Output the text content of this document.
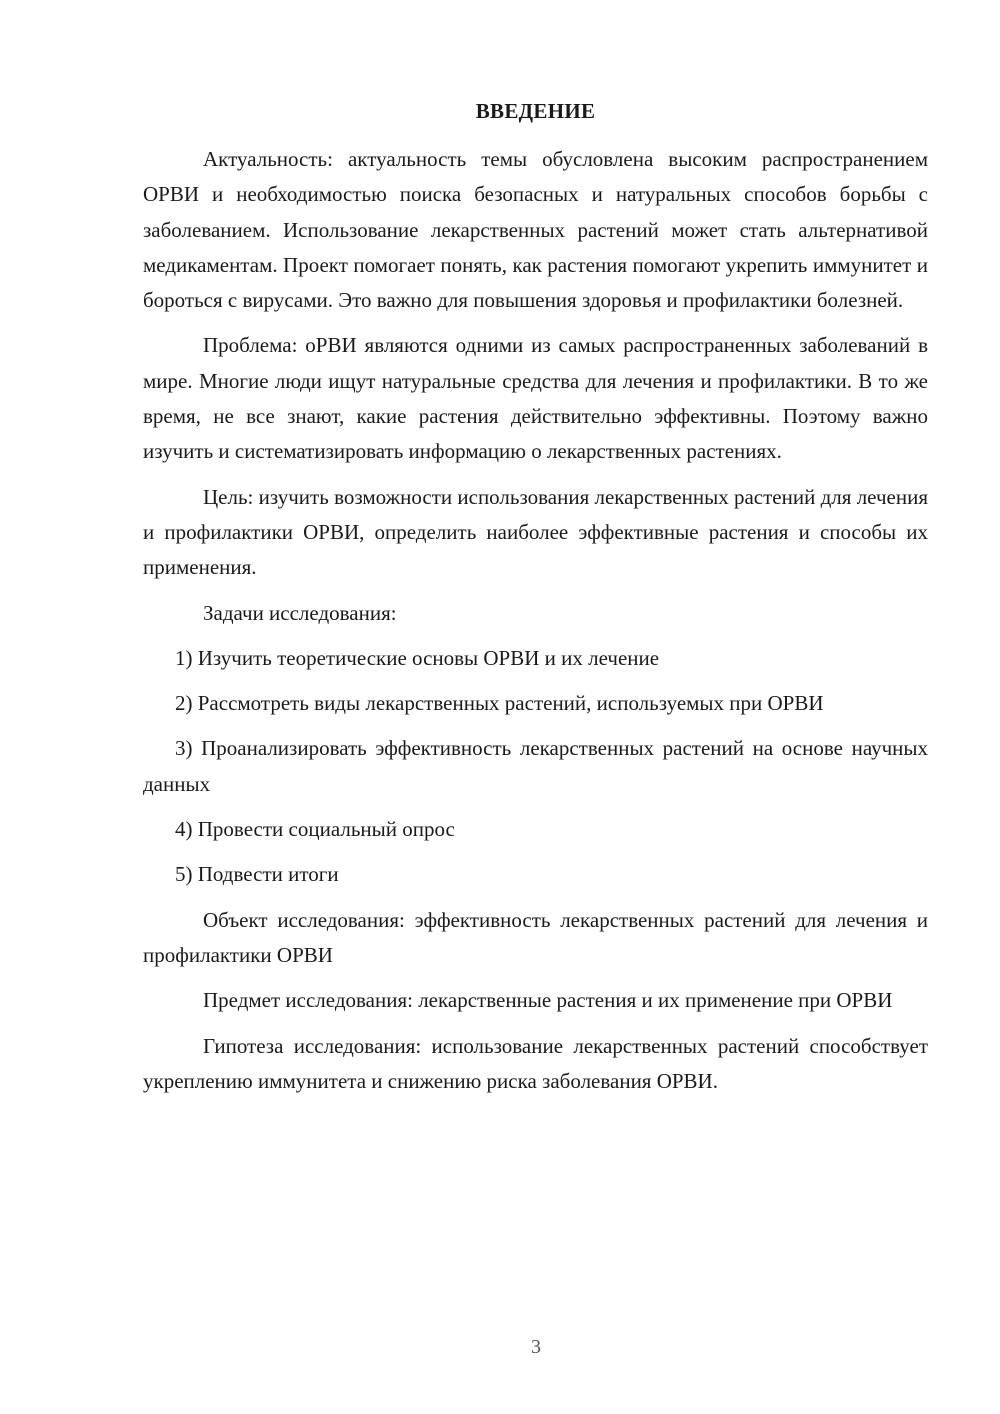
ВВЕДЕНИЕ

Актуальность: актуальность темы обусловлена высоким распространением ОРВИ и необходимостью поиска безопасных и натуральных способов борьбы с заболеванием. Использование лекарственных растений может стать альтернативой медикаментам. Проект помогает понять, как растения помогают укрепить иммунитет и бороться с вирусами. Это важно для повышения здоровья и профилактики болезней.

Проблема: оРВИ являются одними из самых распространенных заболеваний в мире. Многие люди ищут натуральные средства для лечения и профилактики. В то же время, не все знают, какие растения действительно эффективны. Поэтому важно изучить и систематизировать информацию о лекарственных растениях.

Цель: изучить возможности использования лекарственных растений для лечения и профилактики ОРВИ, определить наиболее эффективные растения и способы их применения.

Задачи исследования:

1) Изучить теоретические основы ОРВИ и их лечение

2) Рассмотреть виды лекарственных растений, используемых при ОРВИ

3) Проанализировать эффективность лекарственных растений на основе научных данных

4) Провести социальный опрос

5) Подвести итоги

Объект исследования: эффективность лекарственных растений для лечения и профилактики ОРВИ

Предмет исследования: лекарственные растения и их применение при ОРВИ

Гипотеза исследования: использование лекарственных растений способствует укреплению иммунитета и снижению риска заболевания ОРВИ.

3
